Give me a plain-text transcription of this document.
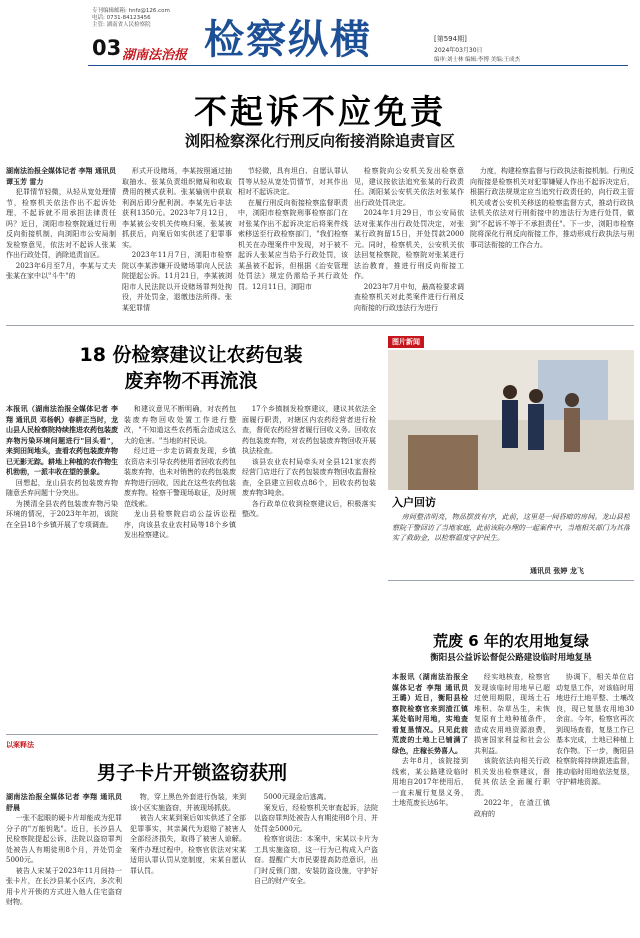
专刊编辑邮箱: hnfz@126.com
电话: 0731-84123456
主管: 湖南省人民检察院
03 湖南法治报 检察纵横	[第594期]
2024年03月30日
编审:刘士林 编辑:李博 美编:王成杰
不起诉不应免责
浏阳检察深化行刑反向衔接消除追责盲区

湖南法治报全媒体记者 李翔 通讯员 谭玉芳 雷力

犯罪情节轻微，从轻从宽处理情节，检察机关依法作出不起诉处理，不起诉就不用承担法律责任吗？近日，浏阳市检察院通过行刑反向衔接机制，向浏阳市公安局制发检察意见，依法对不起诉人张某作出行政处罚，消除追责盲区。

2023年6月至7月，李某与丈夫张某在家中以"斗牛"的

形式开设赌场，李某按照通过抽取抽水、张某负责组织赌局和收取费用的模式获利。张某输则中获取利润后即分配利润。李某先后非法获利1350元。2023年7月12日，李某被公安机关传唤归案，张某被抓获后，向案后如实供述了犯罪事实。

2023年11月7日，浏阳市检察院以李某涉嫌开设赌场罪向人民法院提起公诉。11月21日，李某被浏阳市人民法院以开设赌场罪判处拘役，并处罚金，退缴违法所得。张某犯罪情

节轻微，具有坦白、自愿认罪认罚等从轻从宽处罚情节，对其作出相对不起诉决定。

在履行刑反向衔接检察监督职责中，浏阳市检察院刑事检察部门在对张某作出不起诉决定后将案件线索移送至行政检察部门，"我们检察机关在办理案件中发现，对于被不起诉人张某应当给予行政处罚，该某虽被不起诉，但根据《治安管理处罚法》规定仍需给予其行政处罚。12月11日，浏阳市

检察院向公安机关发出检察意见，建议按依法追究张某的行政责任。浏阳某公安机关依法对张某作出行政处罚决定。

2024年1月29日，市公安局依法对张某作出行政处罚决定，对张某行政拘留15日，并处罚款2000元。同时，检察机关，公安机关依法回复检察院，检察院对张某进行法治教育，推进行刑反向衔接工作。

2023年7月中旬，最高检要求调查检察机关对此类案件进行行刑反向衔接的行政违法行为进行

力度，构建检察监督与行政执法衔接机制。行刑反向衔接是检察机关对犯罪嫌疑人作出不起诉决定后，根据行政法规规定应当追究行政责任的，向行政主管机关或者公安机关移送的检察监督方式，推动行政执法机关依法对行刑衔接中的违法行为进行处罚，做到"不起诉不等于不承担责任"。下一步，浏阳市检察院将深化行刑反向衔接工作，推动形成行政执法与刑事司法衔接的工作合力。

18 份检察建议让农药包装
废弃物不再流浪

本报讯（湖南法治报全媒体记者 李翔 通讯员 邓杨帆）春耕正当时，龙山县人民检察院持续推进农药包装废弃物污染环境问题进行"回头看"，来到田间地头，查看农药包装废弃物已无影无踪。耕地上种植的农作物生机勃勃，一派丰收在望的景象。

回想起，龙山县农药包装废弃物随意丢弃问题十分突出。

为摸清全县农药包装废弃物污染环境的情况，于2023年年初，该院在全县18个乡镇开展了专项调查。

和建议意见不断明确，对农药包装废弃物回收处置工作进行整改，"不知道这些农药瓶会造成这么大的危害。"当地的村民说。

经过进一步走访调查发现，乡镇农资店未引导农药使用者回收农药包装废弃物，也未对销售的农药包装废弃物进行回收，因此在这些农药包装废弃物。检察干警现场取证，及时规范线索。

龙山县检察院启动公益诉讼程序，向该县农业农村局等18个乡镇发出检察建议。

17个乡镇制发检察建议，建议其依法全面履行职责，对辖区内农药经营者进行检查，督促农药经营者履行回收义务。回收农药包装废弃物，对农药包装废弃物回收开展执法检查。

该县农业农村局牵头对全县121家农药经营门店进行了农药包装废弃物回收监督检查，全县建立回收点86个，回收农药包装废弃物3吨余。

各行政单位收到检察建议后，积极落实整改。

图片新闻
入户回访

房间整洁明亮，物品摆放有序，此前，这里是一间昏暗的房间。龙山县检察院干警回访了当地家庭，此前该院办理的一起案件中，当地相关部门为其落实了救助金，以检察温度守护民生。

通讯员 张婷 龙飞
以案释法
男子卡片开锁盗窃获刑

湖南法治报全媒体记者 李翔 通讯员 舒晨

一张不起眼的硬卡片却能成为犯罪分子的"万能钥匙"。近日，长沙县人民检察院提起公诉，法院以盗窃罪判处被告人有期徒刑8个月，并处罚金5000元。

被告人宋某于2023年11月间持一张卡片，在长沙县某小区内，多次利用卡片开锁的方式进入他人住宅盗窃财物。

物，穿上黑色外套进行伪装，来到该小区实施盗窃，并被现场抓获。

被告人宋某到案后如实供述了全部犯罪事实，其亲属代为退赔了被害人全部经济损失，取得了被害人谅解。案件办理过程中，检察官依法对宋某适用认罪认罚从宽制度，宋某自愿认罪认罚。

5000元现金后逃离。

案发后，经检察机关审查起诉，法院以盗窃罪判处被告人有期徒刑8个月，并处罚金5000元。

检察官说法：本案中，宋某以卡片为工具实施盗窃，这一行为已构成入户盗窃。提醒广大市民要提高防范意识，出门时反锁门窗，安装防盗设施，守护好自己的财产安全。

荒废 6 年的农用地复绿
衡阳县公益诉讼督促公路建设临时用地复垦

本报讯（湖南法治报全媒体记者 李翔 通讯员 王璐）近日，衡阳县检察院检察官来到渣江镇某处临时用地，实地查看复垦情况。只见此前荒废的土地上已铺满了绿色，庄稼长势喜人。

去年8月，该院接到线索，某公路建设临时用地自2017年使用后，一直未履行复垦义务，土地荒废长达6年。

经实地核查，检察官发现该临时用地早已超过使用期限，现场土石堆积、杂草丛生，未恢复原有土地种植条件，造成农用地资源浪费，损害国家利益和社会公共利益。

该院依法向相关行政机关发出检察建议，督促其依法全面履行职责。

2022年，在渣江镇政府的

协调下，相关单位启动复垦工作，对该临时用地进行土地平整、土壤改良，现已复垦农用地30余亩。今年，检察官再次到现场查看，复垦工作已基本完成，土地已种植上农作物。下一步，衡阳县检察院将持续跟进监督，推动临时用地依法复垦，守护耕地资源。
